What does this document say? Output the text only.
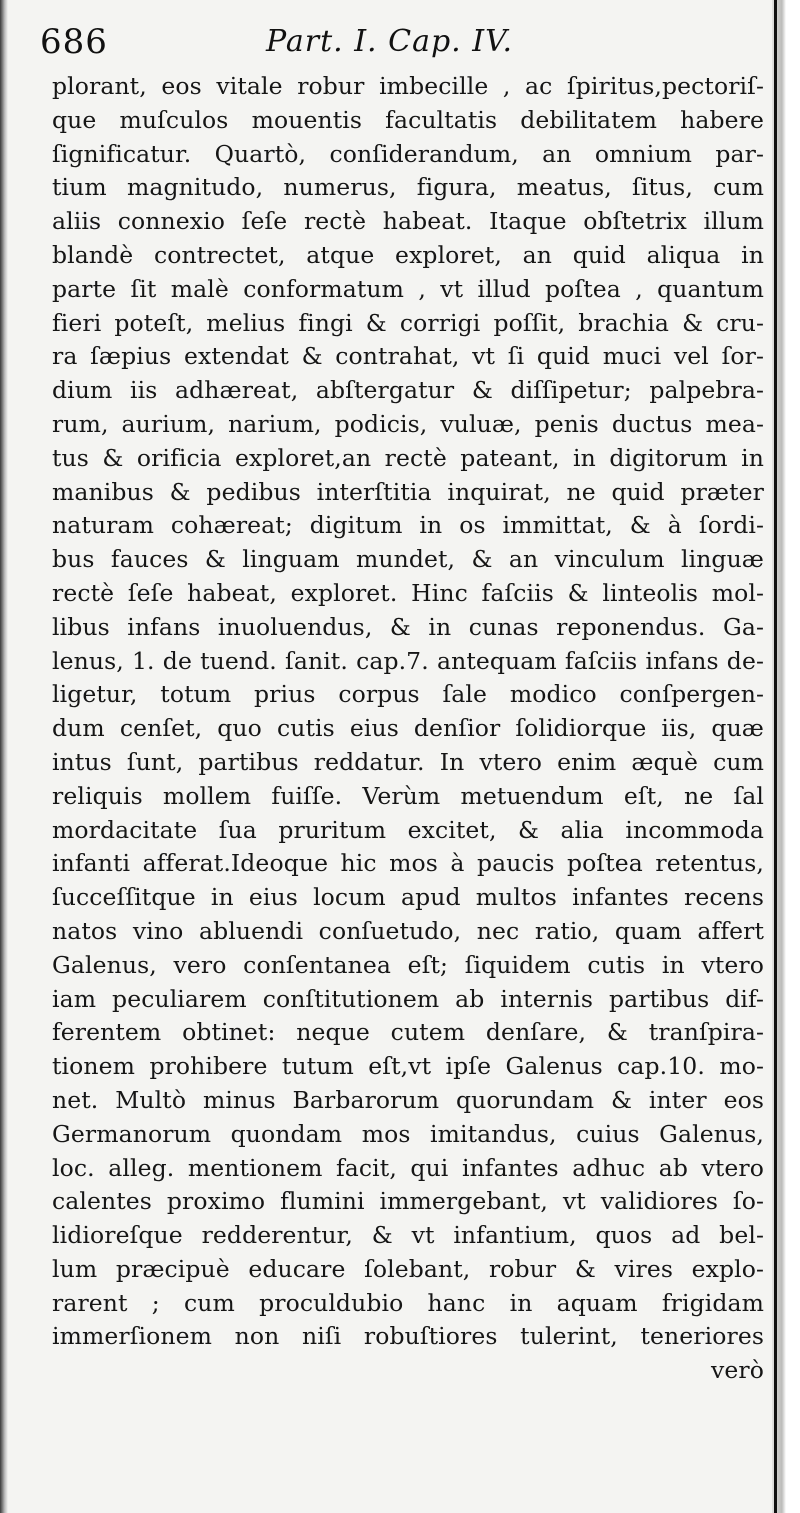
686	Part. I. Cap. IV.
plorant, eos vitale robur imbecille , ac ſpiritus,pectoriſ-
que muſculos mouentis facultatis debilitatem habere
ſignificatur. Quartò, conſiderandum, an omnium par-
tium magnitudo, numerus, figura, meatus, ſitus, cum
aliis connexio ſeſe rectè habeat. Itaque obſtetrix illum
blandè contrectet, atque exploret, an quid aliqua in
parte ſit malè conformatum , vt illud poſtea , quantum
fieri poteſt, melius fingi & corrigi poſſit, brachia & cru-
ra ſæpius extendat & contrahat, vt ſi quid muci vel ſor-
dium iis adhæreat, abſtergatur & diſſipetur; palpebra-
rum, aurium, narium, podicis, vuluæ, penis ductus mea-
tus & orificia exploret,an rectè pateant, in digitorum in
manibus & pedibus interſtitia inquirat, ne quid præter
naturam cohæreat; digitum in os immittat, & à ſordi-
bus fauces & linguam mundet, & an vinculum linguæ
rectè ſeſe habeat, exploret. Hinc faſciis & linteolis mol-
libus infans inuoluendus, & in cunas reponendus. Ga-
lenus, 1. de tuend. ſanit. cap.7. antequam faſciis infans de-
ligetur, totum prius corpus ſale modico conſpergen-
dum cenſet, quo cutis eius denſior ſolidiorque iis, quæ
intus ſunt, partibus reddatur. In vtero enim æquè cum
reliquis mollem fuiſſe. Verùm metuendum eſt, ne ſal
mordacitate ſua pruritum excitet, & alia incommoda
infanti afferat.Ideoque hic mos à paucis poſtea retentus,
ſucceſſitque in eius locum apud multos infantes recens
natos vino abluendi conſuetudo, nec ratio, quam affert
Galenus, vero conſentanea eſt; ſiquidem cutis in vtero
iam peculiarem conſtitutionem ab internis partibus dif-
ferentem obtinet: neque cutem denſare, & tranſpira-
tionem prohibere tutum eſt,vt ipſe Galenus cap.10. mo-
net. Multò minus Barbarorum quorundam & inter eos
Germanorum quondam mos imitandus, cuius Galenus,
loc. alleg. mentionem facit, qui infantes adhuc ab vtero
calentes proximo flumini immergebant, vt validiores ſo-
lidioreſque redderentur, & vt infantium, quos ad bel-
lum præcipuè educare ſolebant, robur & vires explo-
rarent ; cum proculdubio hanc in aquam frigidam
immerſionem non niſi robuſtiores tulerint, teneriores
verò
